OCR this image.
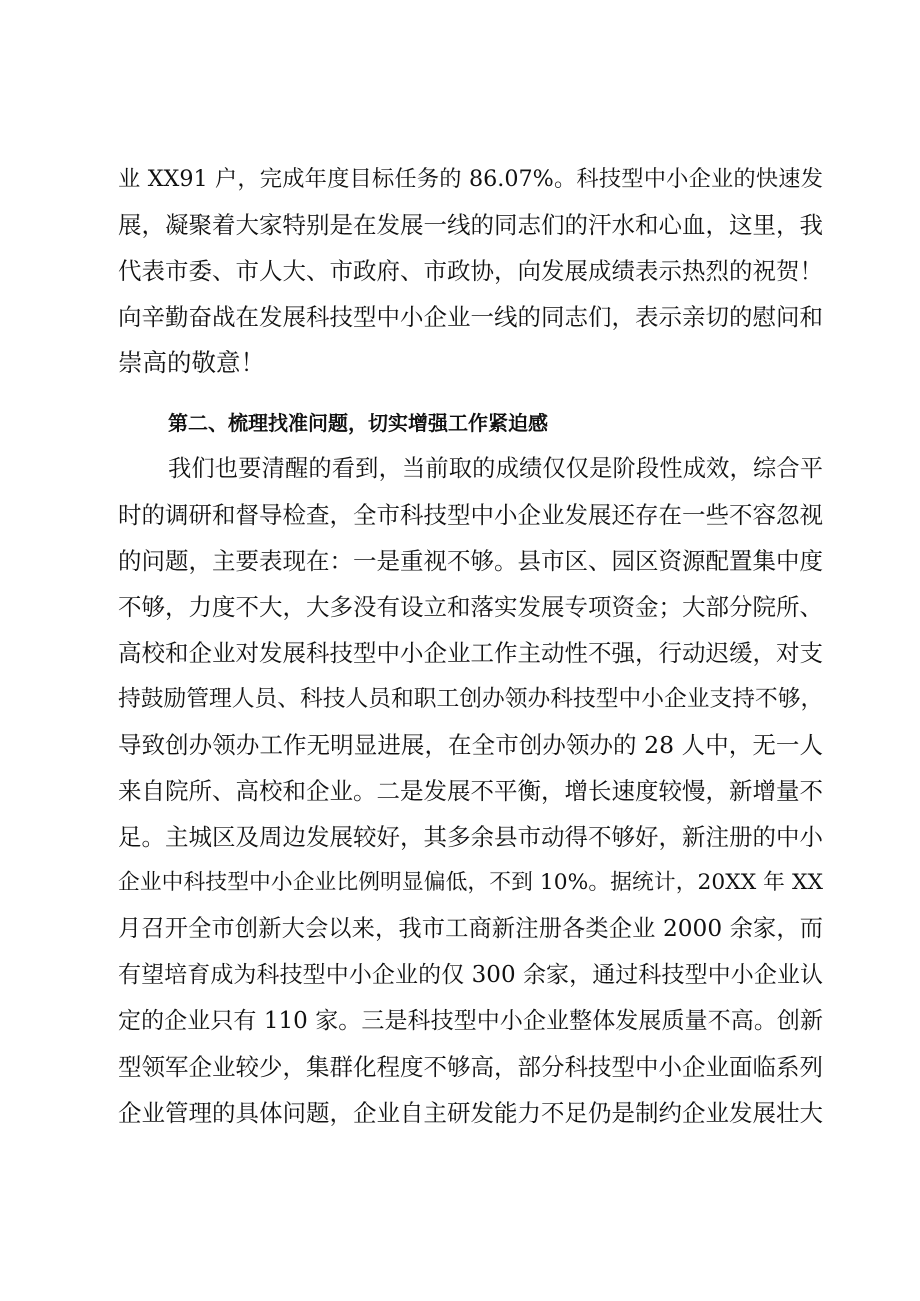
业 XX91 户，完成年度目标任务的 86.07%。科技型中小企业的快速发
展，凝聚着大家特别是在发展一线的同志们的汗水和心血，这里，我
代表市委、市人大、市政府、市政协，向发展成绩表示热烈的祝贺！
向辛勤奋战在发展科技型中小企业一线的同志们，表示亲切的慰问和
崇高的敬意！
第二、梳理找准问题，切实增强工作紧迫感
我们也要清醒的看到，当前取的成绩仅仅是阶段性成效，综合平
时的调研和督导检查，全市科技型中小企业发展还存在一些不容忽视
的问题，主要表现在：一是重视不够。县市区、园区资源配置集中度
不够，力度不大，大多没有设立和落实发展专项资金；大部分院所、
高校和企业对发展科技型中小企业工作主动性不强，行动迟缓，对支
持鼓励管理人员、科技人员和职工创办领办科技型中小企业支持不够，
导致创办领办工作无明显进展，在全市创办领办的 28 人中，无一人
来自院所、高校和企业。二是发展不平衡，增长速度较慢，新增量不
足。主城区及周边发展较好，其多余县市动得不够好，新注册的中小
企业中科技型中小企业比例明显偏低，不到 10%。据统计，20XX 年 XX
月召开全市创新大会以来，我市工商新注册各类企业 2000 余家，而
有望培育成为科技型中小企业的仅 300 余家，通过科技型中小企业认
定的企业只有 110 家。三是科技型中小企业整体发展质量不高。创新
型领军企业较少，集群化程度不够高，部分科技型中小企业面临系列
企业管理的具体问题，企业自主研发能力不足仍是制约企业发展壮大
